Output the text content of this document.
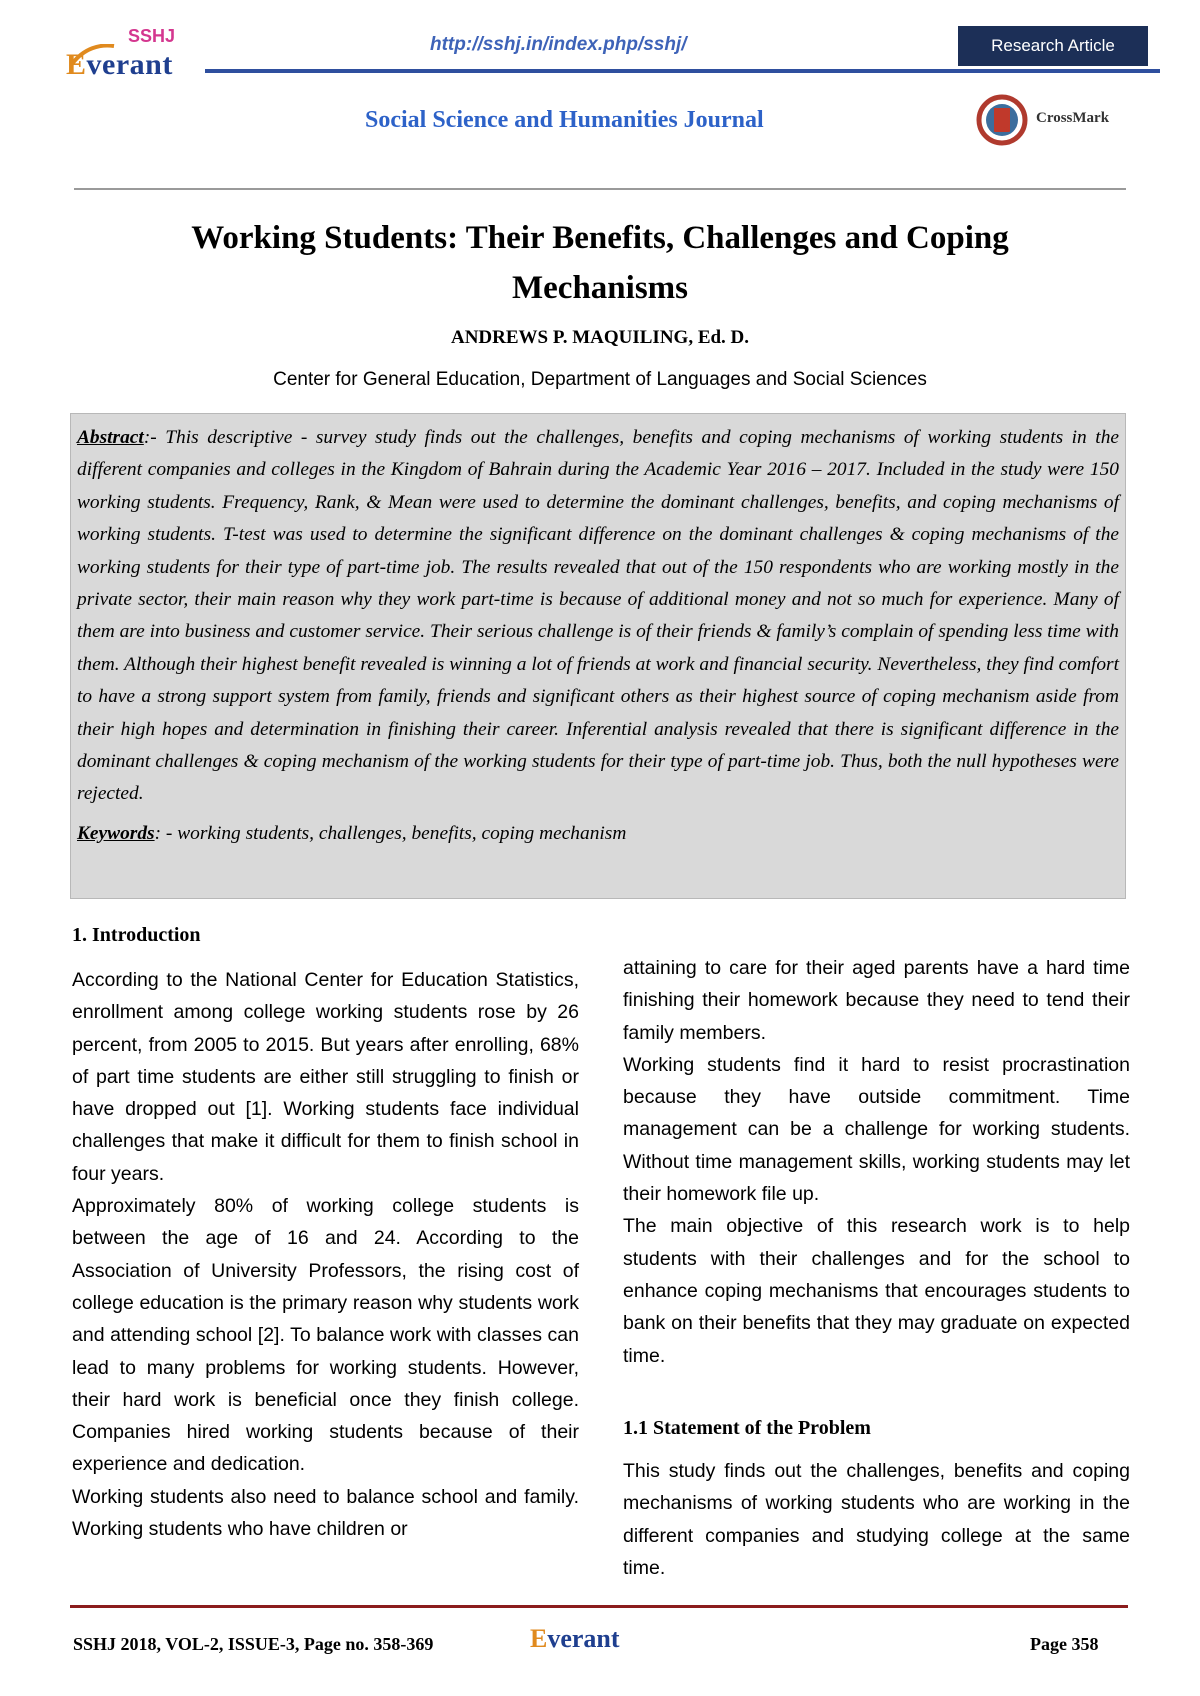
SSHJ
Everant
http://sshj.in/index.php/sshj/	Research Article
Social Science and Humanities Journal	CrossMark
Working Students: Their Benefits, Challenges and Coping Mechanisms
ANDREWS P. MAQUILING, Ed. D.
Center for General Education, Department of Languages and Social Sciences

Abstract:- This descriptive - survey study finds out the challenges, benefits and coping mechanisms of working students in the different companies and colleges in the Kingdom of Bahrain during the Academic Year 2016 – 2017. Included in the study were 150 working students. Frequency, Rank, & Mean were used to determine the dominant challenges, benefits, and coping mechanisms of working students. T-test was used to determine the significant difference on the dominant challenges & coping mechanisms of the working students for their type of part-time job. The results revealed that out of the 150 respondents who are working mostly in the private sector, their main reason why they work part-time is because of additional money and not so much for experience. Many of them are into business and customer service. Their serious challenge is of their friends & family’s complain of spending less time with them. Although their highest benefit revealed is winning a lot of friends at work and financial security. Nevertheless, they find comfort to have a strong support system from family, friends and significant others as their highest source of coping mechanism aside from their high hopes and determination in finishing their career. Inferential analysis revealed that there is significant difference in the dominant challenges & coping mechanism of the working students for their type of part-time job. Thus, both the null hypotheses were rejected.

Keywords: - working students, challenges, benefits, coping mechanism
1. Introduction

According to the National Center for Education Statistics, enrollment among college working students rose by 26 percent, from 2005 to 2015. But years after enrolling, 68% of part time students are either still struggling to finish or have dropped out [1]. Working students face individual challenges that make it difficult for them to finish school in four years.

Approximately 80% of working college students is between the age of 16 and 24. According to the Association of University Professors, the rising cost of college education is the primary reason why students work and attending school [2]. To balance work with classes can lead to many problems for working students. However, their hard work is beneficial once they finish college. Companies hired working students because of their experience and dedication.

Working students also need to balance school and family. Working students who have children or

attaining to care for their aged parents have a hard time finishing their homework because they need to tend their family members.

Working students find it hard to resist procrastination because they have outside commitment. Time management can be a challenge for working students. Without time management skills, working students may let their homework file up.

The main objective of this research work is to help students with their challenges and for the school to enhance coping mechanisms that encourages students to bank on their benefits that they may graduate on expected time.

1.1 Statement of the Problem

This study finds out the challenges, benefits and coping mechanisms of working students who are working in the different companies and studying college at the same time.

SSHJ 2018, VOL-2, ISSUE-3, Page no. 358-369	Everant	Page 358
